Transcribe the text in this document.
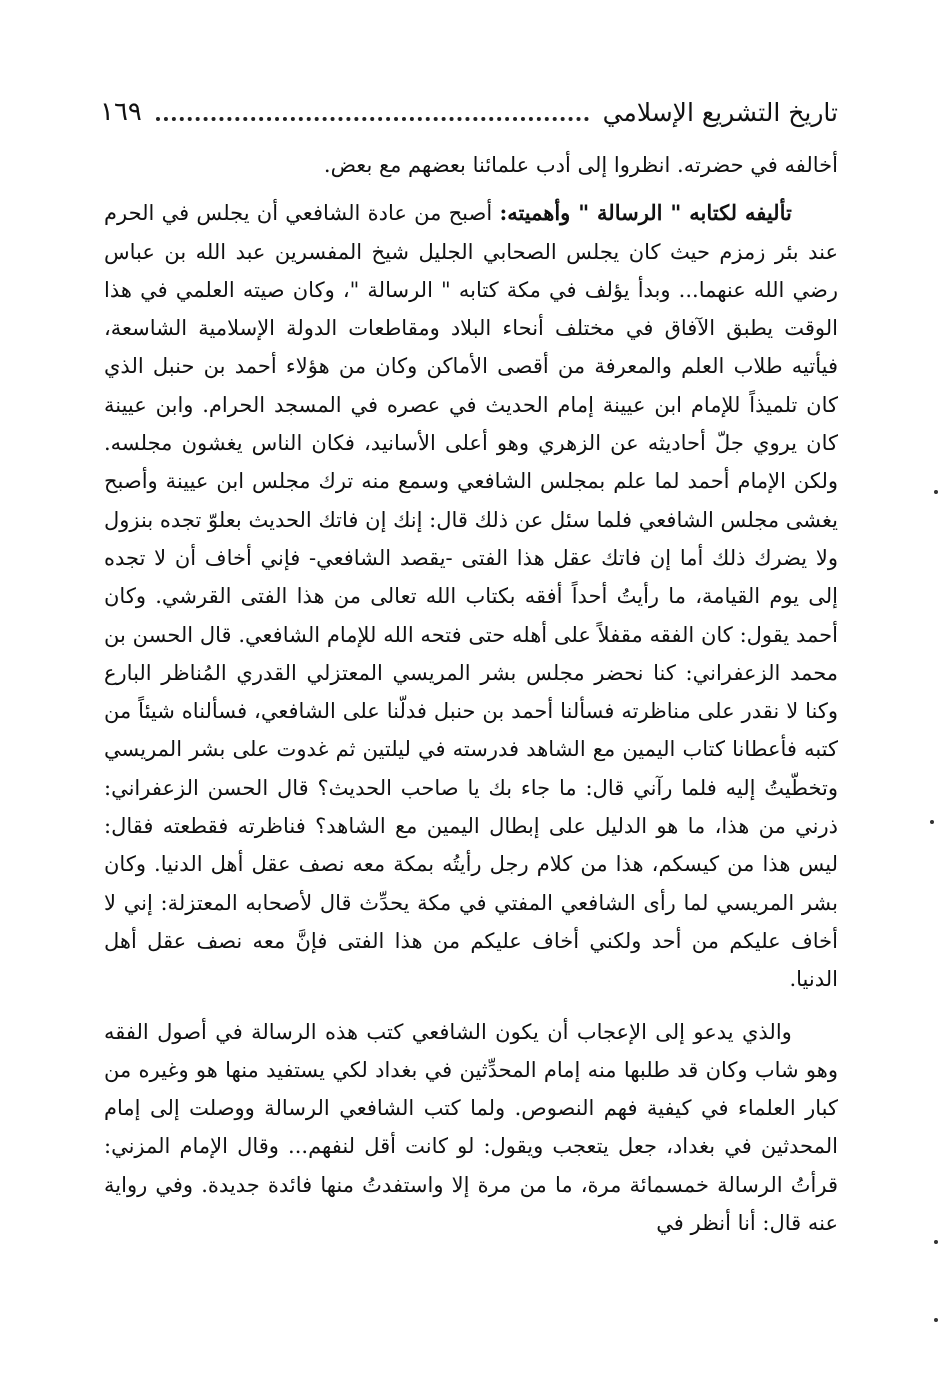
١٦٩	تاريخ التشريع الإسلامي

أخالفه في حضرته. انظروا إلى أدب علمائنا بعضهم مع بعض.

تأليفه لكتابه " الرسالة " وأهميته: أصبح من عادة الشافعي أن يجلس في الحرم عند بئر زمزم حيث كان يجلس الصحابي الجليل شيخ المفسرين عبد الله بن عباس رضي الله عنهما... وبدأ يؤلف في مكة كتابه " الرسالة "، وكان صيته العلمي في هذا الوقت يطبق الآفاق في مختلف أنحاء البلاد ومقاطعات الدولة الإسلامية الشاسعة، فيأتيه طلاب العلم والمعرفة من أقصى الأماكن وكان من هؤلاء أحمد بن حنبل الذي كان تلميذاً للإمام ابن عيينة إمام الحديث في عصره في المسجد الحرام. وابن عيينة كان يروي جلّ أحاديثه عن الزهري وهو أعلى الأسانيد، فكان الناس يغشون مجلسه. ولكن الإمام أحمد لما علم بمجلس الشافعي وسمع منه ترك مجلس ابن عيينة وأصبح يغشى مجلس الشافعي فلما سئل عن ذلك قال: إنك إن فاتك الحديث بعلوّ تجده بنزول ولا يضرك ذلك أما إن فاتك عقل هذا الفتى -يقصد الشافعي- فإني أخاف أن لا تجده إلى يوم القيامة، ما رأيتُ أحداً أفقه بكتاب الله تعالى من هذا الفتى القرشي. وكان أحمد يقول: كان الفقه مقفلاً على أهله حتى فتحه الله للإمام الشافعي. قال الحسن بن محمد الزعفراني: كنا نحضر مجلس بشر المريسي المعتزلي القدري المُناظر البارع وكنا لا نقدر على مناظرته فسألنا أحمد بن حنبل فدلّنا على الشافعي، فسألناه شيئاً من كتبه فأعطانا كتاب اليمين مع الشاهد فدرسته في ليلتين ثم غدوت على بشر المريسي وتخطّيتُ إليه فلما رآني قال: ما جاء بك يا صاحب الحديث؟ قال الحسن الزعفراني: ذرني من هذا، ما هو الدليل على إبطال اليمين مع الشاهد؟ فناظرته فقطعته فقال: ليس هذا من كيسكم، هذا من كلام رجل رأيتُه بمكة معه نصف عقل أهل الدنيا. وكان بشر المريسي لما رأى الشافعي المفتي في مكة يحدِّث قال لأصحابه المعتزلة: إني لا أخاف عليكم من أحد ولكني أخاف عليكم من هذا الفتى فإنَّ معه نصف عقل أهل الدنيا.

والذي يدعو إلى الإعجاب أن يكون الشافعي كتب هذه الرسالة في أصول الفقه وهو شاب وكان قد طلبها منه إمام المحدِّثين في بغداد لكي يستفيد منها هو وغيره من كبار العلماء في كيفية فهم النصوص. ولما كتب الشافعي الرسالة ووصلت إلى إمام المحدثين في بغداد، جعل يتعجب ويقول: لو كانت أقل لنفهم... وقال الإمام المزني: قرأتُ الرسالة خمسمائة مرة، ما من مرة إلا واستفدتُ منها فائدة جديدة. وفي رواية عنه قال: أنا أنظر في
